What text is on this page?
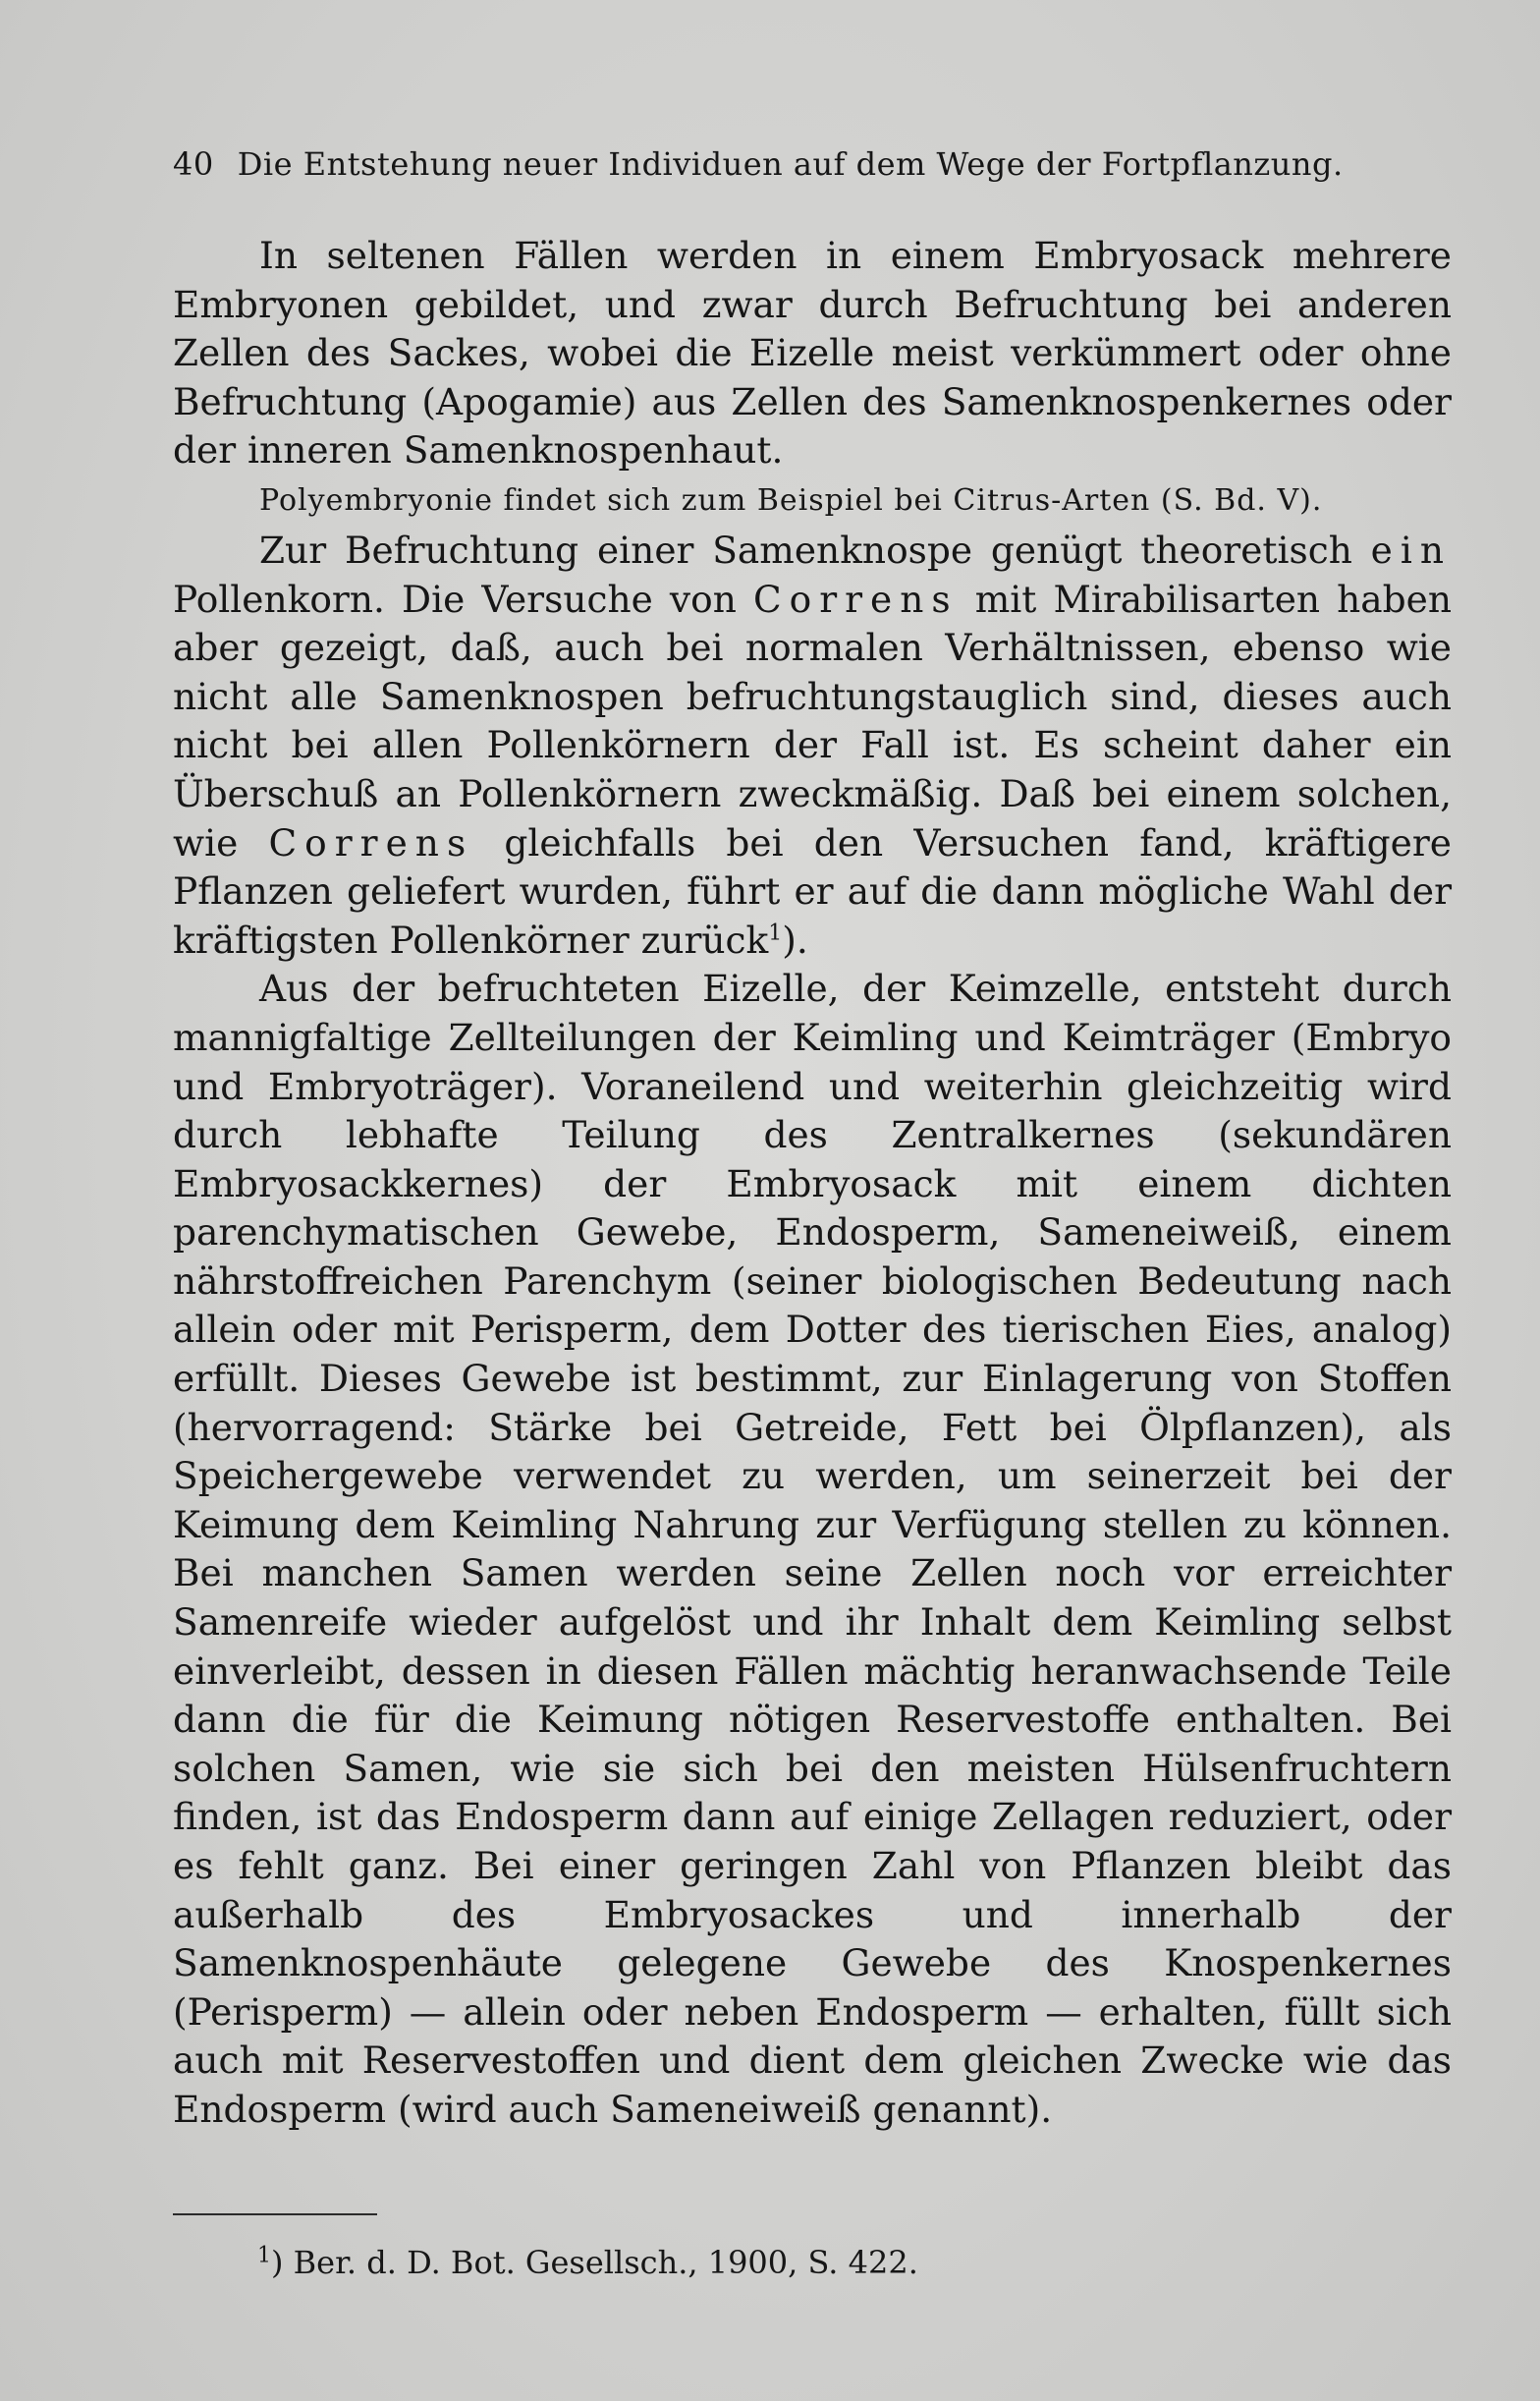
40 Die Entstehung neuer Individuen auf dem Wege der Fortpflanzung.

In seltenen Fällen werden in einem Embryosack mehrere Embryonen gebildet, und zwar durch Befruchtung bei anderen Zellen des Sackes, wobei die Eizelle meist verkümmert oder ohne Befruchtung (Apogamie) aus Zellen des Samenknospenkernes oder der inneren Samenknospenhaut.

Polyembryonie findet sich zum Beispiel bei Citrus-Arten (S. Bd. V).

Zur Befruchtung einer Samenknospe genügt theoretisch ein Pollenkorn. Die Versuche von Correns mit Mirabilisarten haben aber gezeigt, daß, auch bei normalen Verhältnissen, ebenso wie nicht alle Samenknospen befruchtungstauglich sind, dieses auch nicht bei allen Pollenkörnern der Fall ist. Es scheint daher ein Überschuß an Pollenkörnern zweckmäßig. Daß bei einem solchen, wie Correns gleichfalls bei den Versuchen fand, kräftigere Pflanzen geliefert wurden, führt er auf die dann mögliche Wahl der kräftigsten Pollenkörner zurück$^1$).

Aus der befruchteten Eizelle, der Keimzelle, entsteht durch mannigfaltige Zellteilungen der Keimling und Keimträger (Embryo und Embryoträger). Voraneilend und weiterhin gleichzeitig wird durch lebhafte Teilung des Zentralkernes (sekundären Embryosackkernes) der Embryosack mit einem dichten parenchymatischen Gewebe, Endosperm, Sameneiweiß, einem nährstoffreichen Parenchym (seiner biologischen Bedeutung nach allein oder mit Perisperm, dem Dotter des tierischen Eies, analog) erfüllt. Dieses Gewebe ist bestimmt, zur Einlagerung von Stoffen (hervorragend: Stärke bei Getreide, Fett bei Ölpflanzen), als Speichergewebe verwendet zu werden, um seinerzeit bei der Keimung dem Keimling Nahrung zur Verfügung stellen zu können. Bei manchen Samen werden seine Zellen noch vor erreichter Samenreife wieder aufgelöst und ihr Inhalt dem Keimling selbst einverleibt, dessen in diesen Fällen mächtig heranwachsende Teile dann die für die Keimung nötigen Reservestoffe enthalten. Bei solchen Samen, wie sie sich bei den meisten Hülsenfruchtern finden, ist das Endosperm dann auf einige Zellagen reduziert, oder es fehlt ganz. Bei einer geringen Zahl von Pflanzen bleibt das außerhalb des Embryosackes und innerhalb der Samenknospenhäute gelegene Gewebe des Knospenkernes (Perisperm) — allein oder neben Endosperm — erhalten, füllt sich auch mit Reservestoffen und dient dem gleichen Zwecke wie das Endosperm (wird auch Sameneiweiß genannt).

$^1$) Ber. d. D. Bot. Gesellsch., 1900, S. 422.
